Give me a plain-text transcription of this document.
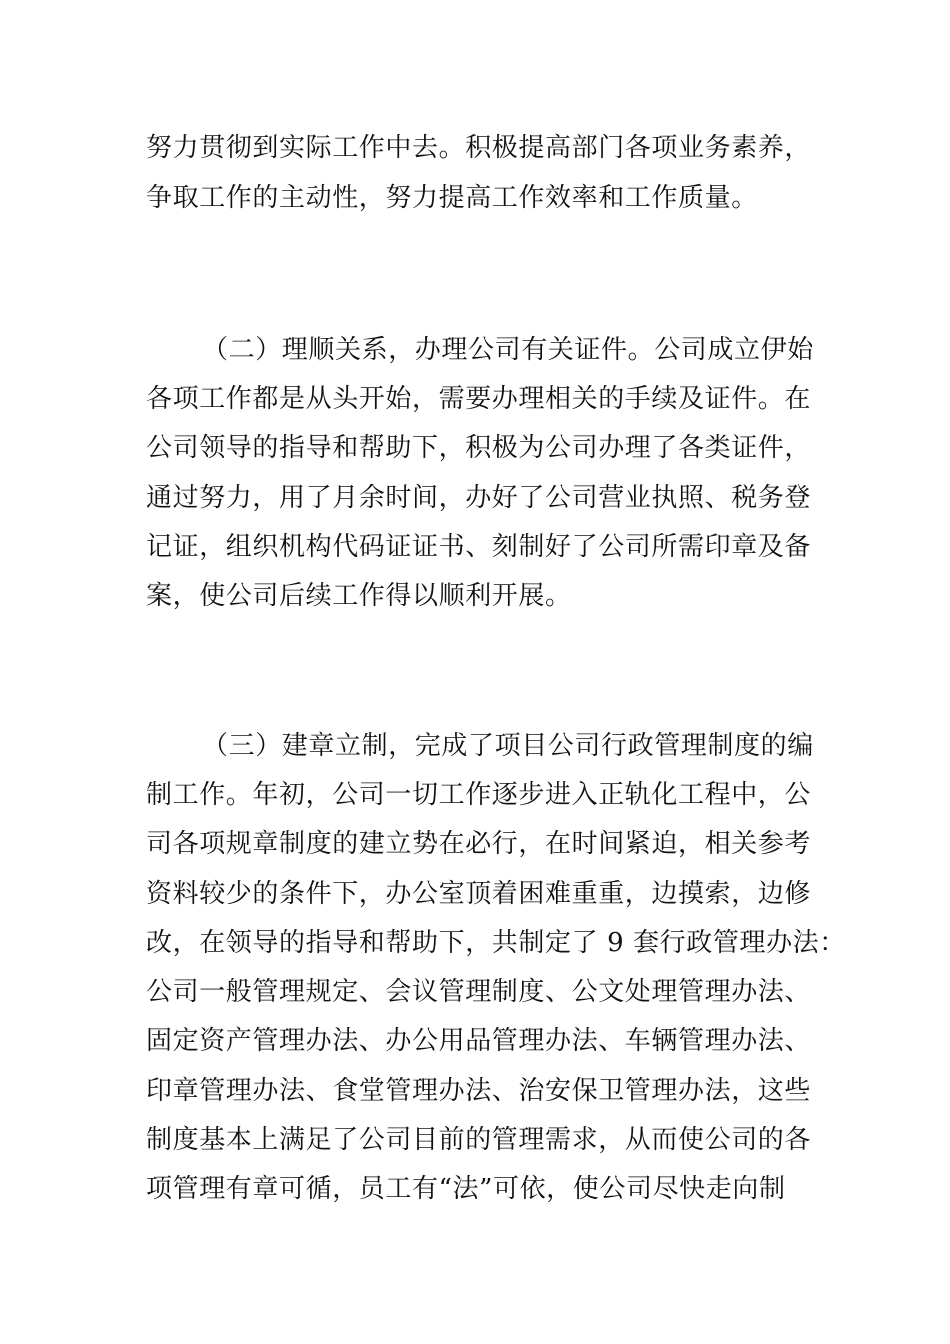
努力贯彻到实际工作中去。积极提高部门各项业务素养，
争取工作的主动性，努力提高工作效率和工作质量。
（二）理顺关系，办理公司有关证件。公司成立伊始
各项工作都是从头开始，需要办理相关的手续及证件。在
公司领导的指导和帮助下，积极为公司办理了各类证件，
通过努力，用了月余时间，办好了公司营业执照、税务登
记证，组织机构代码证证书、刻制好了公司所需印章及备
案，使公司后续工作得以顺利开展。
（三）建章立制，完成了项目公司行政管理制度的编
制工作。年初，公司一切工作逐步进入正轨化工程中，公
司各项规章制度的建立势在必行，在时间紧迫，相关参考
资料较少的条件下，办公室顶着困难重重，边摸索，边修
改，在领导的指导和帮助下，共制定了 9 套行政管理办法：
公司一般管理规定、会议管理制度、公文处理管理办法、
固定资产管理办法、办公用品管理办法、车辆管理办法、
印章管理办法、食堂管理办法、治安保卫管理办法，这些
制度基本上满足了公司目前的管理需求，从而使公司的各
项管理有章可循，员工有“法”可依，使公司尽快走向制
